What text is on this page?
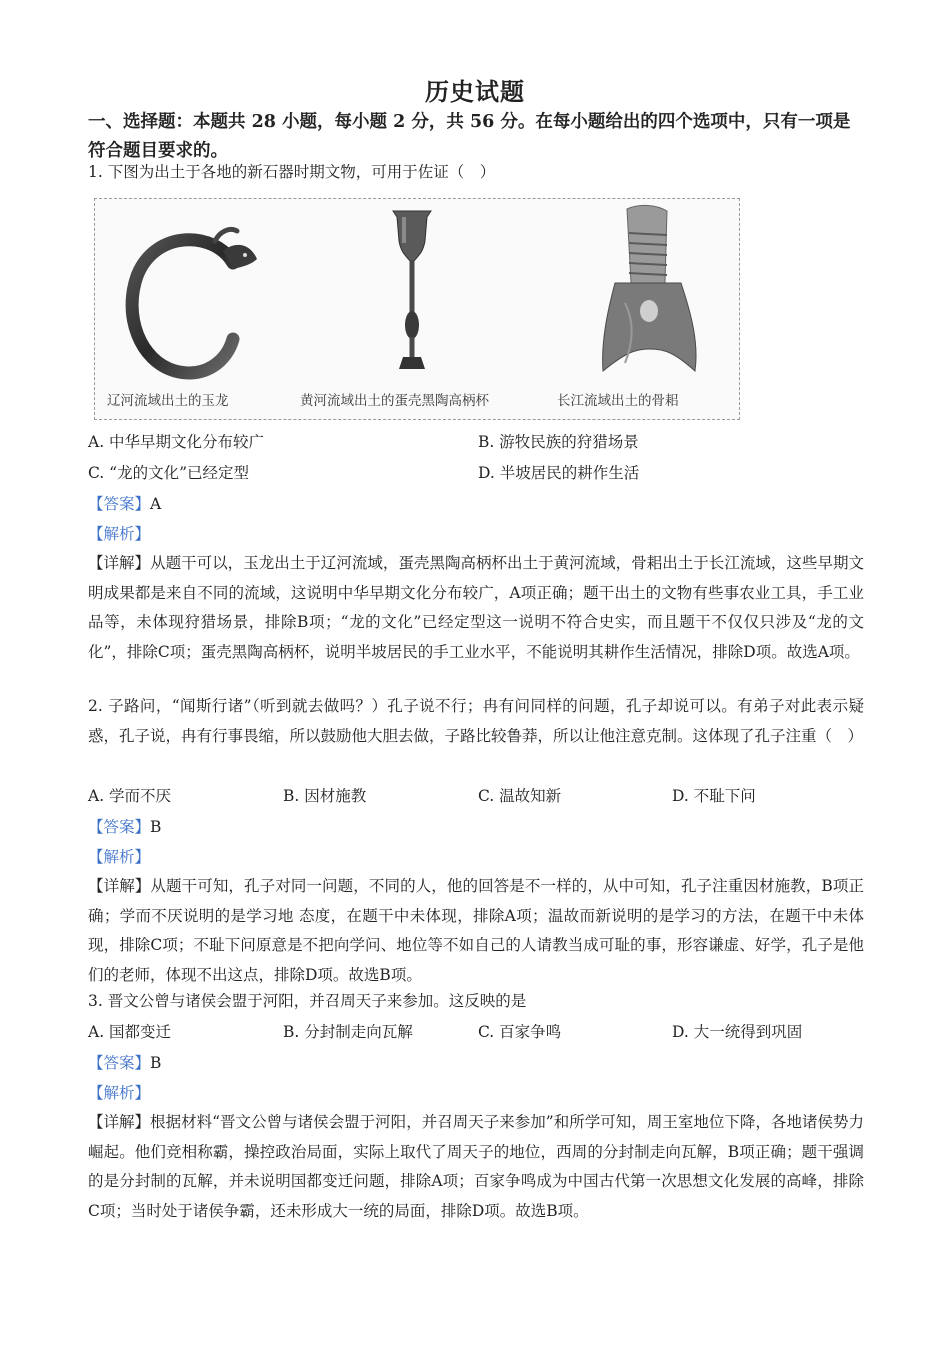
历史试题
一、选择题：本题共 28 小题，每小题 2 分，共 56 分。在每小题给出的四个选项中，只有一项是符合题目要求的。
1. 下图为出土于各地的新石器时期文物，可用于佐证（　）
辽河流域出土的玉龙	黄河流域出土的蛋壳黑陶高柄杯	长江流域出土的骨耜
A. 中华早期文化分布较广	B. 游牧民族的狩猎场景
C. “龙的文化”已经定型	D. 半坡居民的耕作生活
【答案】A
【解析】
【详解】从题干可以，玉龙出土于辽河流域，蛋壳黑陶高柄杯出土于黄河流域，骨耜出土于长江流域，这些早期文明成果都是来自不同的流域，这说明中华早期文化分布较广，A项正确；题干出土的文物有些事农业工具，手工业品等，未体现狩猎场景，排除B项；“龙的文化”已经定型这一说明不符合史实，而且题干不仅仅只涉及“龙的文化”，排除C项；蛋壳黑陶高柄杯，说明半坡居民的手工业水平，不能说明其耕作生活情况，排除D项。故选A项。
2. 子路问，“闻斯行诸”（听到就去做吗？）孔子说不行；冉有问同样的问题，孔子却说可以。有弟子对此表示疑惑，孔子说，冉有行事畏缩，所以鼓励他大胆去做，子路比较鲁莽，所以让他注意克制。这体现了孔子注重（　）
A. 学而不厌	B. 因材施教	C. 温故知新	D. 不耻下问
【答案】B
【解析】
【详解】从题干可知，孔子对同一问题，不同的人，他的回答是不一样的，从中可知，孔子注重因材施教，B项正确；学而不厌说明的是学习地 态度，在题干中未体现，排除A项；温故而新说明的是学习的方法，在题干中未体现，排除C项；不耻下问原意是不把向学问、地位等不如自己的人请教当成可耻的事，形容谦虚、好学，孔子是他们的老师，体现不出这点，排除D项。故选B项。
3. 晋文公曾与诸侯会盟于河阳，并召周天子来参加。这反映的是
A. 国都变迁	B. 分封制走向瓦解	C. 百家争鸣	D. 大一统得到巩固
【答案】B
【解析】
【详解】根据材料“晋文公曾与诸侯会盟于河阳，并召周天子来参加”和所学可知，周王室地位下降，各地诸侯势力崛起。他们竞相称霸，操控政治局面，实际上取代了周天子的地位，西周的分封制走向瓦解，B项正确；题干强调的是分封制的瓦解，并未说明国都变迁问题，排除A项；百家争鸣成为中国古代第一次思想文化发展的高峰，排除C项；当时处于诸侯争霸，还未形成大一统的局面，排除D项。故选B项。
